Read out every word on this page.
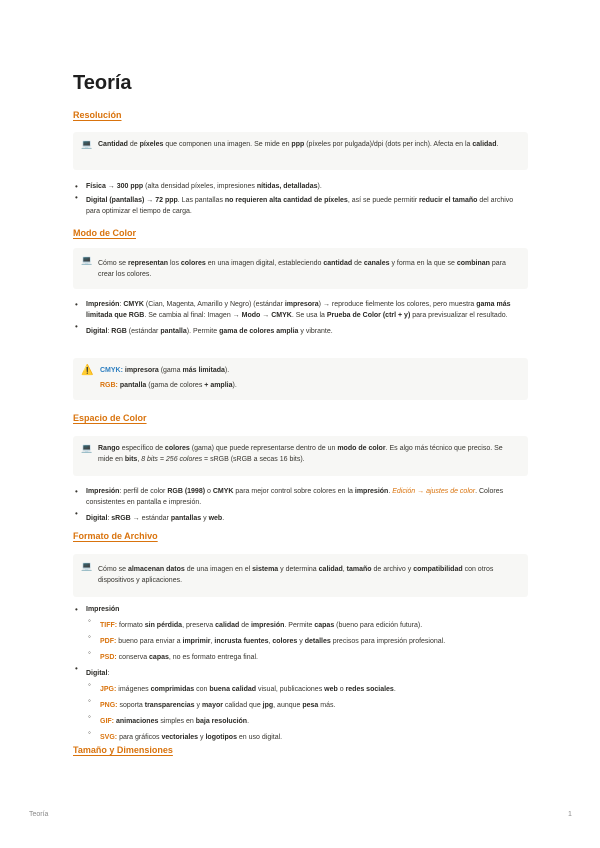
Teoría
Resolución
💻 Cantidad de píxeles que componen una imagen. Se mide en ppp (píxeles por pulgada)/dpi (dots per inch). Afecta en la calidad.
• Física → 300 ppp (alta densidad píxeles, impresiones nítidas, detalladas).
• Digital (pantallas) → 72 ppp. Las pantallas no requieren alta cantidad de píxeles, así se puede permitir reducir el tamaño del archivo para optimizar el tiempo de carga.
Modo de Color
💻 Cómo se representan los colores en una imagen digital, estableciendo cantidad de canales y forma en la que se combinan para crear los colores.
• Impresión: CMYK (Cian, Magenta, Amarillo y Negro) (estándar impresora) → reproduce fielmente los colores, pero muestra gama más limitada que RGB. Se cambia al final: Imagen → Modo → CMYK. Se usa la Prueba de Color (ctrl + y) para previsualizar el resultado.
• Digital: RGB (estándar pantalla). Permite gama de colores amplia y vibrante.
⚠️ CMYK: impresora (gama más limitada).
RGB: pantalla (gama de colores + amplia).
Espacio de Color
💻 Rango específico de colores (gama) que puede representarse dentro de un modo de color. Es algo más técnico que preciso. Se mide en bits, 8 bits = 256 colores = sRGB (sRGB a secas 16 bits).
• Impresión: perfil de color RGB (1998) o CMYK para mejor control sobre colores en la impresión. Edición → ajustes de color. Colores consistentes en pantalla e impresión.
• Digital: sRGB → estándar pantallas y web.
Formato de Archivo
💻 Cómo se almacenan datos de una imagen en el sistema y determina calidad, tamaño de archivo y compatibilidad con otros dispositivos y aplicaciones.
• Impresión
◦ TIFF: formato sin pérdida, preserva calidad de impresión. Permite capas (bueno para edición futura).
◦ PDF: bueno para enviar a imprimir, incrusta fuentes, colores y detalles precisos para impresión profesional.
◦ PSD: conserva capas, no es formato entrega final.
• Digital:
◦ JPG: imágenes comprimidas con buena calidad visual, publicaciones web o redes sociales.
◦ PNG: soporta transparencias y mayor calidad que jpg, aunque pesa más.
◦ GIF: animaciones simples en baja resolución.
◦ SVG: para gráficos vectoriales y logotipos en uso digital.
Tamaño y Dimensiones
Teoría	1
